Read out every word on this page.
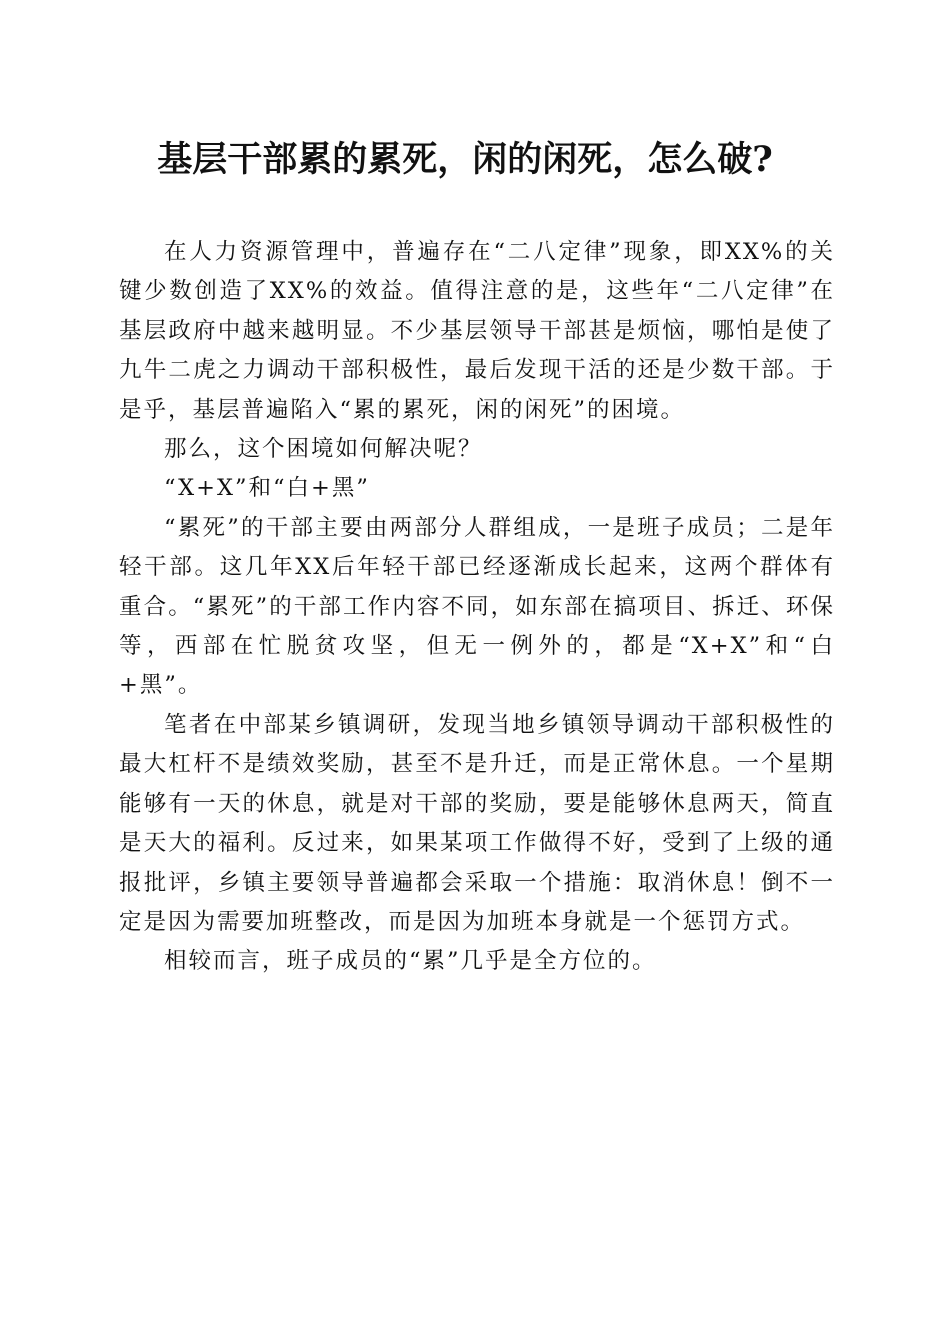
基层干部累的累死，闲的闲死，怎么破?

在人力资源管理中，普遍存在“二八定律”现象，即XX%的关键少数创造了XX%的效益。值得注意的是，这些年“二八定律”在基层政府中越来越明显。不少基层领导干部甚是烦恼，哪怕是使了九牛二虎之力调动干部积极性，最后发现干活的还是少数干部。于是乎，基层普遍陷入“累的累死，闲的闲死”的困境。

那么，这个困境如何解决呢？

“X+X”和“白+黑”

“累死”的干部主要由两部分人群组成，一是班子成员；二是年轻干部。这几年XX后年轻干部已经逐渐成长起来，这两个群体有重合。“累死”的干部工作内容不同，如东部在搞项目、拆迁、环保等，西部在忙脱贫攻坚，但无一例外的，都是“X+X”和“白+黑”。

笔者在中部某乡镇调研，发现当地乡镇领导调动干部积极性的最大杠杆不是绩效奖励，甚至不是升迁，而是正常休息。一个星期能够有一天的休息，就是对干部的奖励，要是能够休息两天，简直是天大的福利。反过来，如果某项工作做得不好，受到了上级的通报批评，乡镇主要领导普遍都会采取一个措施：取消休息！倒不一定是因为需要加班整改，而是因为加班本身就是一个惩罚方式。

相较而言，班子成员的“累”几乎是全方位的。
